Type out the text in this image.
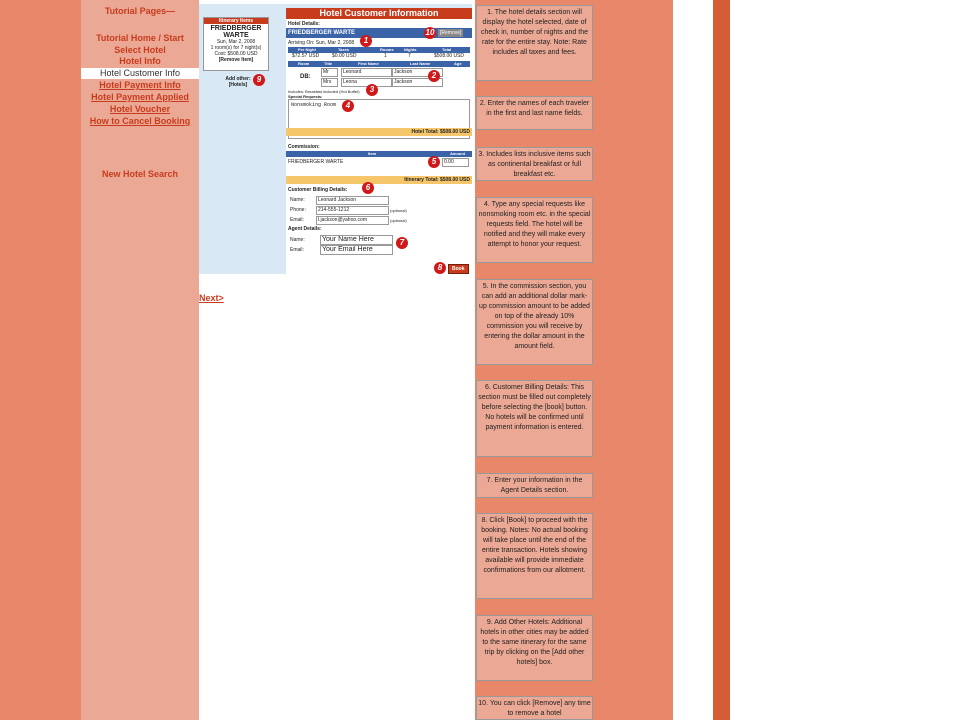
Tutorial Pages—
Tutorial Home / Start
Select Hotel
Hotel Info
Hotel Customer Info
Hotel Payment Info
Hotel Payment Applied
Hotel Voucher
How to Cancel Booking
New Hotel Search
Itinerary Items
FRIEDBERGER WARTE
Sun, Mar 2, 2008
1 room(s) for 7 night(s)
Cost: $508.00 USD
[Remove Item]
Add other: [Hotels]
9
Hotel Customer Information
Hotel Details:
FRIEDBERGER WARTE	[Remove]
10
Arriving On: Sun, Mar 2, 2008	1
Per Night	Taxes	Rooms	Nights	Total
$72.57 USD	$0.00 USD	1	7	$508.00 USD
Room	Title	First Name	Last Name	Age
DB:
Mr	Leonard	Jackson
Mrs	Leona	Jackson
2
Includes: Breakfast included (Hot Buffet)	3
Special Requests:
Nonsmoking Room	4
Hotel Total: $508.00 USD
Commission:
Item	Amount
FRIEDBERGER WARTE	0.00
5
Itinerary Total: $508.00 USD
Customer Billing Details:	6
Name:	Leonard Jackson
Phone:	214-555-1212	(optional)
Email:	l.jackson@yahoo.com	(optional)
Agent Details:
Name: Your Name Here
Email:	Your Email Here
7
Book
8
Next>
1. The hotel details section will display the hotel selected, date of check in, number of nights and the rate for the entire stay. Note: Rate includes all taxes and fees.
2. Enter the names of each traveler in the first and last name fields.
3. Includes lists inclusive items such as continental breakfast or full breakfast etc.
4. Type any special requests like nonsmoking room etc. in the special requests field. The hotel will be notified and they will make every attempt to honor your request.
5. In the commission section, you can add an additional dollar mark-up commission amount to be added on top of the already 10% commission you will receive by entering the dollar amount in the amount field.
6. Customer Billing Details: This section must be filled out completely before selecting the [book] button. No hotels will be confirmed until payment information is entered.
7. Enter your information in the Agent Details section.
8. Click [Book] to proceed with the booking. Notes: No actual booking will take place until the end of the entire transaction. Hotels showing available will provide immediate confirmations from our allotment.
9. Add Other Hotels: Additional hotels in other cities may be added to the same itinerary for the same trip by clicking on the [Add other hotels] box.
10. You can click [Remove] any time to remove a hotel
